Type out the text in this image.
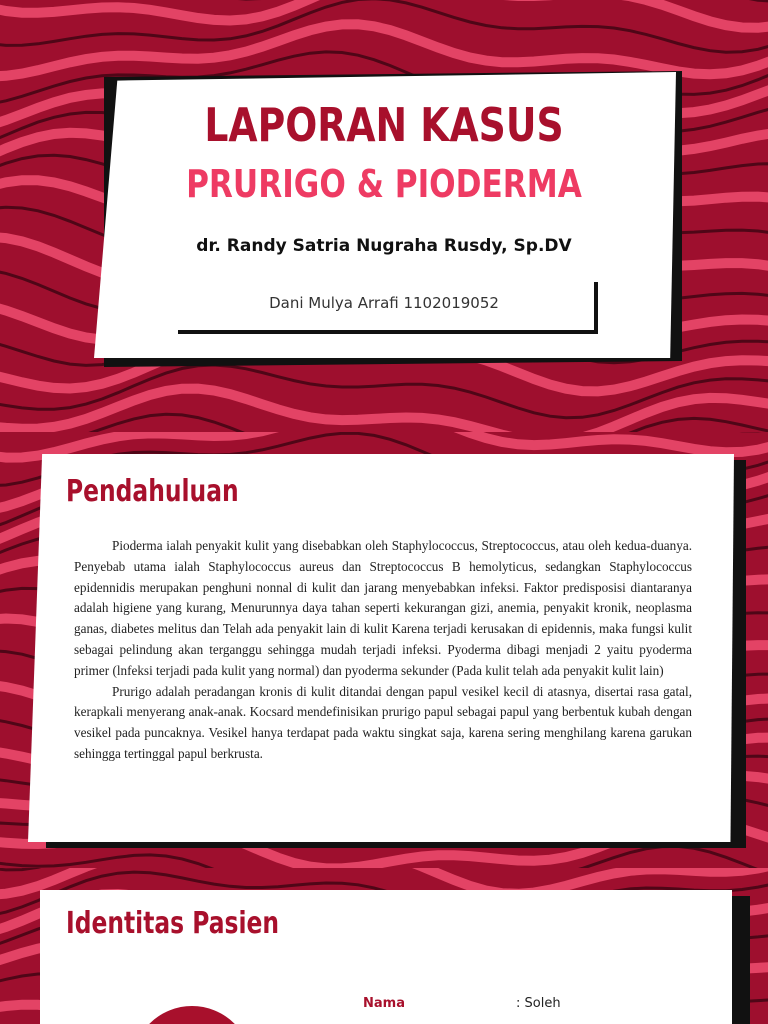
LAPORAN KASUS
PRURIGO & PIODERMA
dr. Randy Satria Nugraha Rusdy, Sp.DV
Dani Mulya Arrafi 1102019052
Pendahuluan

Pioderma ialah penyakit kulit yang disebabkan oleh Staphylococcus, Streptococcus, atau oleh kedua-duanya. Penyebab utama ialah Staphylococcus aureus dan Streptococcus B hemolyticus, sedangkan Staphylococcus epidennidis merupakan penghuni nonnal di kulit dan jarang menyebabkan infeksi. Faktor predisposisi diantaranya adalah higiene yang kurang, Menurunnya daya tahan seperti kekurangan gizi, anemia, penyakit kronik, neoplasma ganas, diabetes melitus dan Telah ada penyakit lain di kulit Karena terjadi kerusakan di epidennis, maka fungsi kulit sebagai pelindung akan terganggu sehingga mudah terjadi infeksi. Pyoderma dibagi menjadi 2 yaitu pyoderma primer (lnfeksi terjadi pada kulit yang normal) dan pyoderma sekunder (Pada kulit telah ada penyakit kulit lain)

Prurigo adalah peradangan kronis di kulit ditandai dengan papul vesikel kecil di atasnya, disertai rasa gatal, kerapkali menyerang anak-anak. Kocsard mendefinisikan prurigo papul sebagai papul yang berbentuk kubah dengan vesikel pada puncaknya. Vesikel hanya terdapat pada waktu singkat saja, karena sering menghilang karena garukan sehingga tertinggal papul berkrusta.

Identitas Pasien
Nama	: Soleh
